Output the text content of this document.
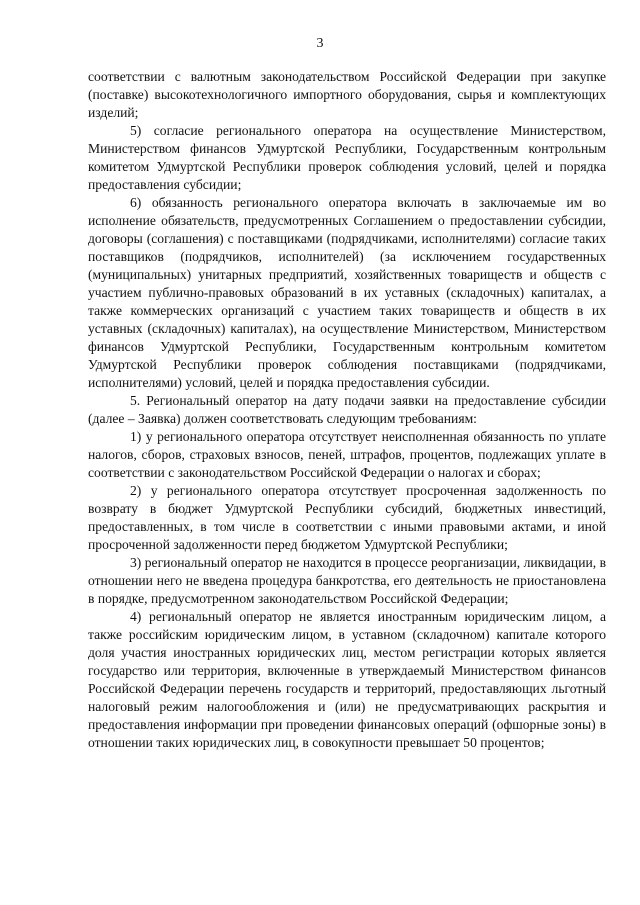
3

соответствии с валютным законодательством Российской Федерации при закупке (поставке) высокотехнологичного импортного оборудования, сырья и комплектующих изделий;

5) согласие регионального оператора на осуществление Министерством, Министерством финансов Удмуртской Республики, Государственным контрольным комитетом Удмуртской Республики проверок соблюдения условий, целей и порядка предоставления субсидии;

6) обязанность регионального оператора включать в заключаемые им во исполнение обязательств, предусмотренных Соглашением о предоставлении субсидии, договоры (соглашения) с поставщиками (подрядчиками, исполнителями) согласие таких поставщиков (подрядчиков, исполнителей) (за исключением государственных (муниципальных) унитарных предприятий, хозяйственных товариществ и обществ с участием публично-правовых образований в их уставных (складочных) капиталах, а также коммерческих организаций с участием таких товариществ и обществ в их уставных (складочных) капиталах), на осуществление Министерством, Министерством финансов Удмуртской Республики, Государственным контрольным комитетом Удмуртской Республики проверок соблюдения поставщиками (подрядчиками, исполнителями) условий, целей и порядка предоставления субсидии.

5. Региональный оператор на дату подачи заявки на предоставление субсидии (далее – Заявка) должен соответствовать следующим требованиям:

1) у регионального оператора отсутствует неисполненная обязанность по уплате налогов, сборов, страховых взносов, пеней, штрафов, процентов, подлежащих уплате в соответствии с законодательством Российской Федерации о налогах и сборах;

2) у регионального оператора отсутствует просроченная задолженность по возврату в бюджет Удмуртской Республики субсидий, бюджетных инвестиций, предоставленных, в том числе в соответствии с иными правовыми актами, и иной просроченной задолженности перед бюджетом Удмуртской Республики;

3) региональный оператор не находится в процессе реорганизации, ликвидации, в отношении него не введена процедура банкротства, его деятельность не приостановлена в порядке, предусмотренном законодательством Российской Федерации;

4) региональный оператор не является иностранным юридическим лицом, а также российским юридическим лицом, в уставном (складочном) капитале которого доля участия иностранных юридических лиц, местом регистрации которых является государство или территория, включенные в утверждаемый Министерством финансов Российской Федерации перечень государств и территорий, предоставляющих льготный налоговый режим налогообложения и (или) не предусматривающих раскрытия и предоставления информации при проведении финансовых операций (офшорные зоны) в отношении таких юридических лиц, в совокупности превышает 50 процентов;
